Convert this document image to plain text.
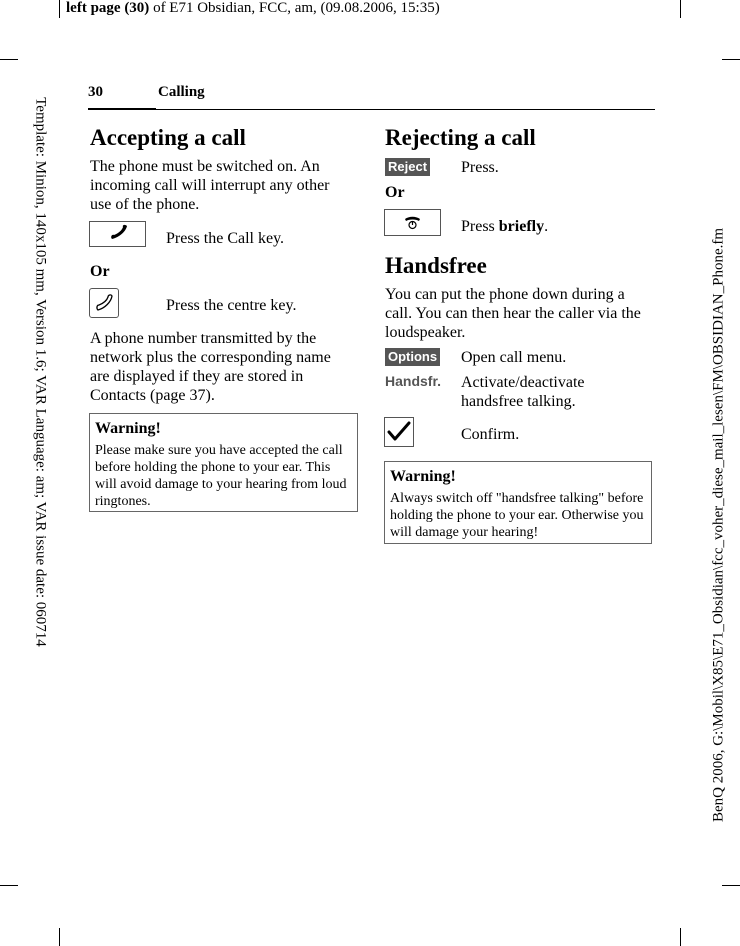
left page (30) of E71 Obsidian, FCC, am, (09.08.2006, 15:35)
Template: Minion, 140x105 mm, Version 1.6; VAR Language: am; VAR issue date: 060714	BenQ 2006, G:\Mobil\X85\E71_Obsidian\fcc_voher_diese_mail_lesen\FM\OBSIDIAN_Phone.fm
30	Calling
Accepting a call
The phone must be switched on. An incoming call will interrupt any other use of the phone.
Press the Call key.
Or
Press the centre key.
A phone number transmitted by the network plus the corresponding name are displayed if they are stored in Contacts (page 37).
Warning!
Please make sure you have accepted the call before holding the phone to your ear. This will avoid damage to your hearing from loud ringtones.
Rejecting a call
Reject Press.
Or
Press briefly.
Handsfree
You can put the phone down during a call. You can then hear the caller via the loudspeaker.
Options Open call menu.
Handsfr. Activate/deactivate handsfree talking.
Confirm.
Warning!
Always switch off "handsfree talking" before holding the phone to your ear. Otherwise you will damage your hearing!
